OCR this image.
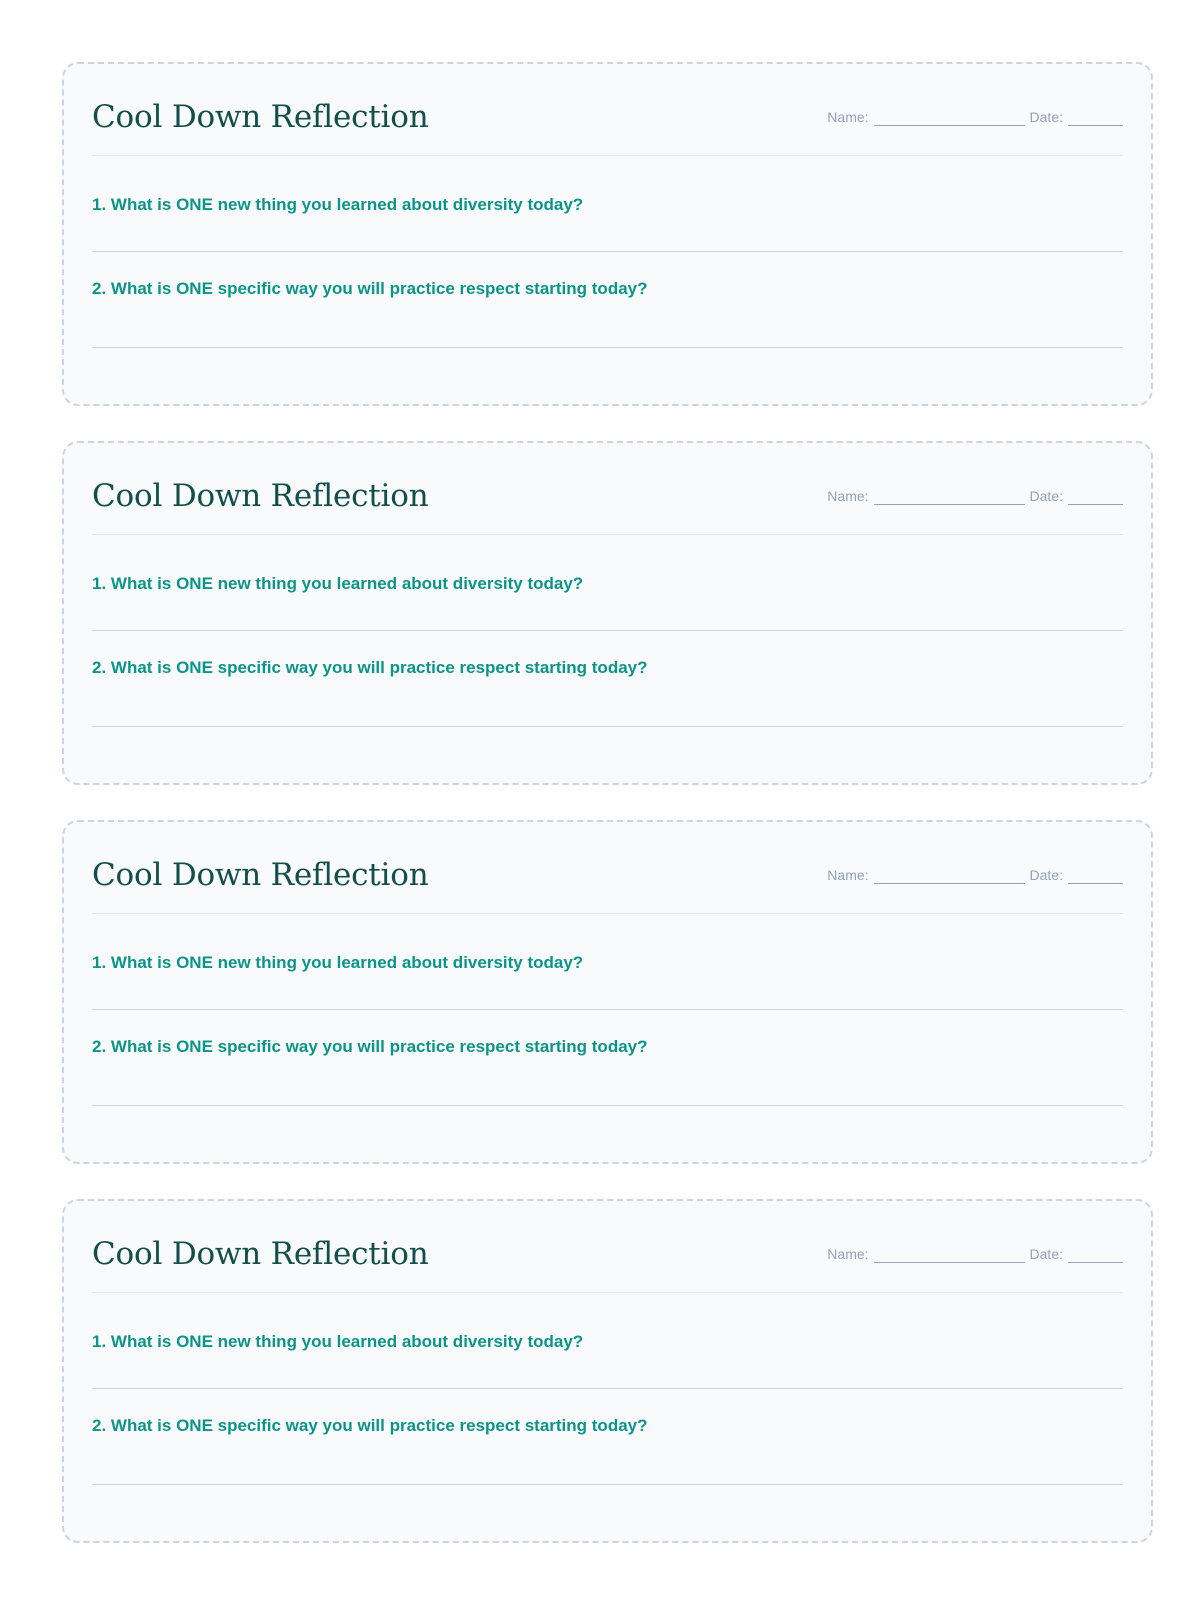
Cool Down Reflection	Name:	Date:

1. What is ONE new thing you learned about diversity today?

2. What is ONE specific way you will practice respect starting today?

Cool Down Reflection	Name:	Date:

1. What is ONE new thing you learned about diversity today?

2. What is ONE specific way you will practice respect starting today?

Cool Down Reflection	Name:	Date:

1. What is ONE new thing you learned about diversity today?

2. What is ONE specific way you will practice respect starting today?

Cool Down Reflection	Name:	Date:

1. What is ONE new thing you learned about diversity today?

2. What is ONE specific way you will practice respect starting today?
